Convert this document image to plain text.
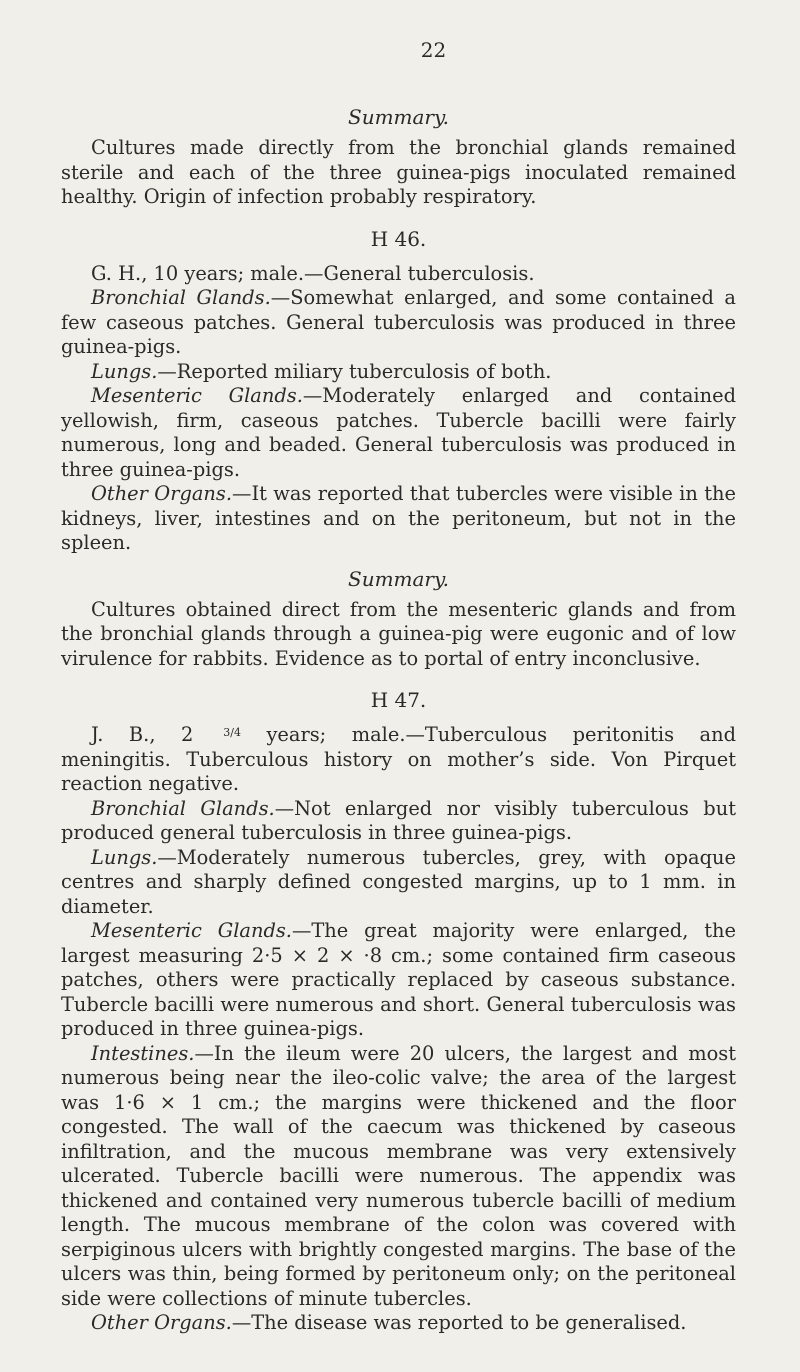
22
Summary.

Cultures made directly from the bronchial glands remained sterile and each of the three guinea-pigs inoculated remained healthy. Origin of infection probably respiratory.

H 46.

G. H., 10 years; male.—General tuberculosis.

Bronchial Glands.—Somewhat enlarged, and some contained a few caseous patches. General tuberculosis was produced in three guinea-pigs.

Lungs.—Reported miliary tuberculosis of both.

Mesenteric Glands.—Moderately enlarged and contained yellowish, firm, caseous patches. Tubercle bacilli were fairly numerous, long and beaded. General tuberculosis was produced in three guinea-pigs.

Other Organs.—It was reported that tubercles were visible in the kidneys, liver, intestines and on the peritoneum, but not in the spleen.

Summary.

Cultures obtained direct from the mesenteric glands and from the bronchial glands through a guinea-pig were eugonic and of low virulence for rabbits. Evidence as to portal of entry inconclusive.

H 47.

J. B., 2	3/4 years; male.—Tuberculous peritonitis and meningitis. Tuberculous history on mother’s side. Von Pirquet reaction negative.

Bronchial Glands.—Not enlarged nor visibly tuberculous but produced general tuberculosis in three guinea-pigs.

Lungs.—Moderately numerous tubercles, grey, with opaque centres and sharply defined congested margins, up to 1 mm. in diameter.

Mesenteric Glands.—The great majority were enlarged, the largest measuring 2·5 × 2 × ·8 cm.; some contained firm caseous patches, others were practically replaced by caseous substance. Tubercle bacilli were numerous and short. General tuberculosis was produced in three guinea-pigs.

Intestines.—In the ileum were 20 ulcers, the largest and most numerous being near the ileo-colic valve; the area of the largest was 1·6 × 1 cm.; the margins were thickened and the floor congested. The wall of the caecum was thickened by caseous infiltration, and the mucous membrane was very extensively ulcerated. Tubercle bacilli were numerous. The appendix was thickened and contained very numerous tubercle bacilli of medium length. The mucous membrane of the colon was covered with serpiginous ulcers with brightly congested margins. The base of the ulcers was thin, being formed by peritoneum only; on the peritoneal side were collections of minute tubercles.

Other Organs.—The disease was reported to be generalised.
